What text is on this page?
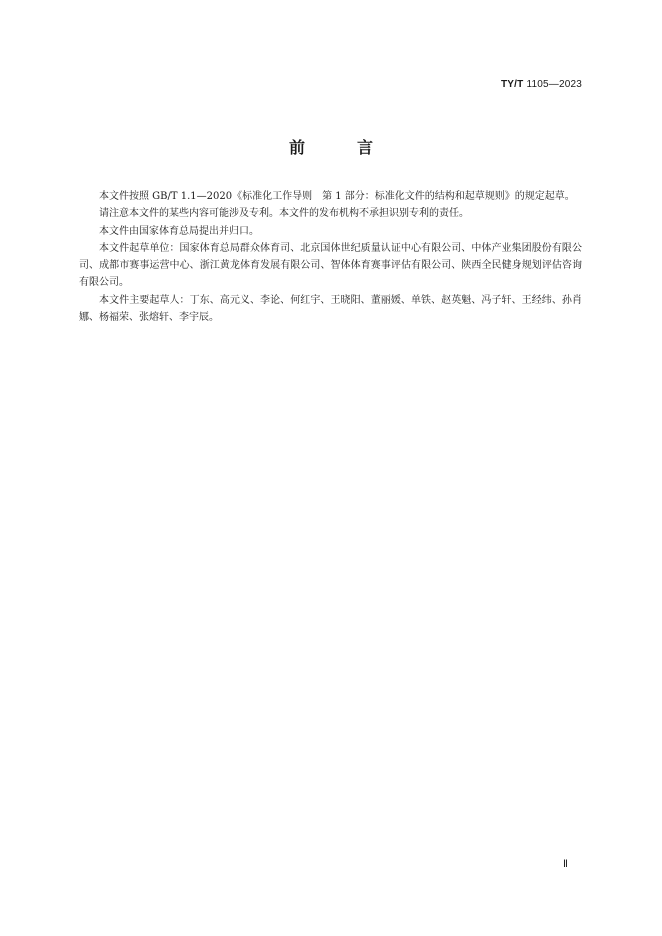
TY/T 1105—2023
前　言

本文件按照 GB/T 1.1—2020《标准化工作导则　第 1 部分：标准化文件的结构和起草规则》的规定起草。

请注意本文件的某些内容可能涉及专利。本文件的发布机构不承担识别专利的责任。

本文件由国家体育总局提出并归口。

本文件起草单位：国家体育总局群众体育司、北京国体世纪质量认证中心有限公司、中体产业集团股份有限公司、成都市赛事运营中心、浙江黄龙体育发展有限公司、智体体育赛事评估有限公司、陕西全民健身规划评估咨询有限公司。

本文件主要起草人：丁东、高元义、李论、何红宇、王晓阳、董丽媛、单铁、赵英魁、冯子轩、王经纬、孙肖娜、杨福荣、张熔轩、李宇辰。

Ⅱ
